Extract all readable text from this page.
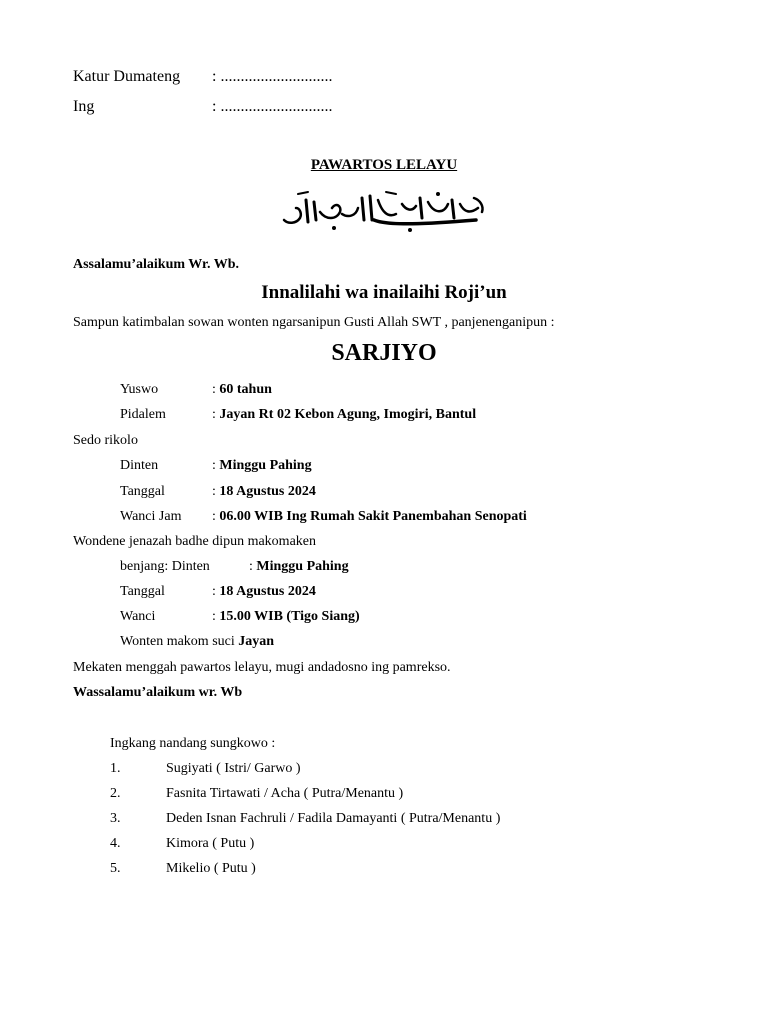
Katur Dumateng : ............................
Ing	: ............................
PAWARTOS LELAYU
Assalamu’alaikum Wr. Wb.
Innalilahi wa inailaihi Roji’un
Sampun katimbalan sowan wonten ngarsanipun Gusti Allah SWT , panjenenganipun :
SARJIYO
Yuswo	: 60 tahun
Pidalem	: Jayan Rt 02 Kebon Agung, Imogiri, Bantul
Sedo rikolo
Dinten	: Minggu Pahing
Tanggal	: 18 Agustus 2024
Wanci Jam : 06.00 WIB Ing Rumah Sakit Panembahan Senopati
Wondene jenazah badhe dipun makomaken
benjang: Dinten	: Minggu Pahing
Tanggal	: 18 Agustus 2024
Wanci	: 15.00 WIB (Tigo Siang)
Wonten makom suci Jayan
Mekaten menggah pawartos lelayu, mugi andadosno ing pamrekso.
Wassalamu’alaikum wr. Wb
Ingkang nandang sungkowo :
1.	Sugiyati ( Istri/ Garwo )
2.	Fasnita Tirtawati / Acha ( Putra/Menantu )
3.	Deden Isnan Fachruli / Fadila Damayanti ( Putra/Menantu )
4.	Kimora ( Putu )
5.	Mikelio ( Putu )
